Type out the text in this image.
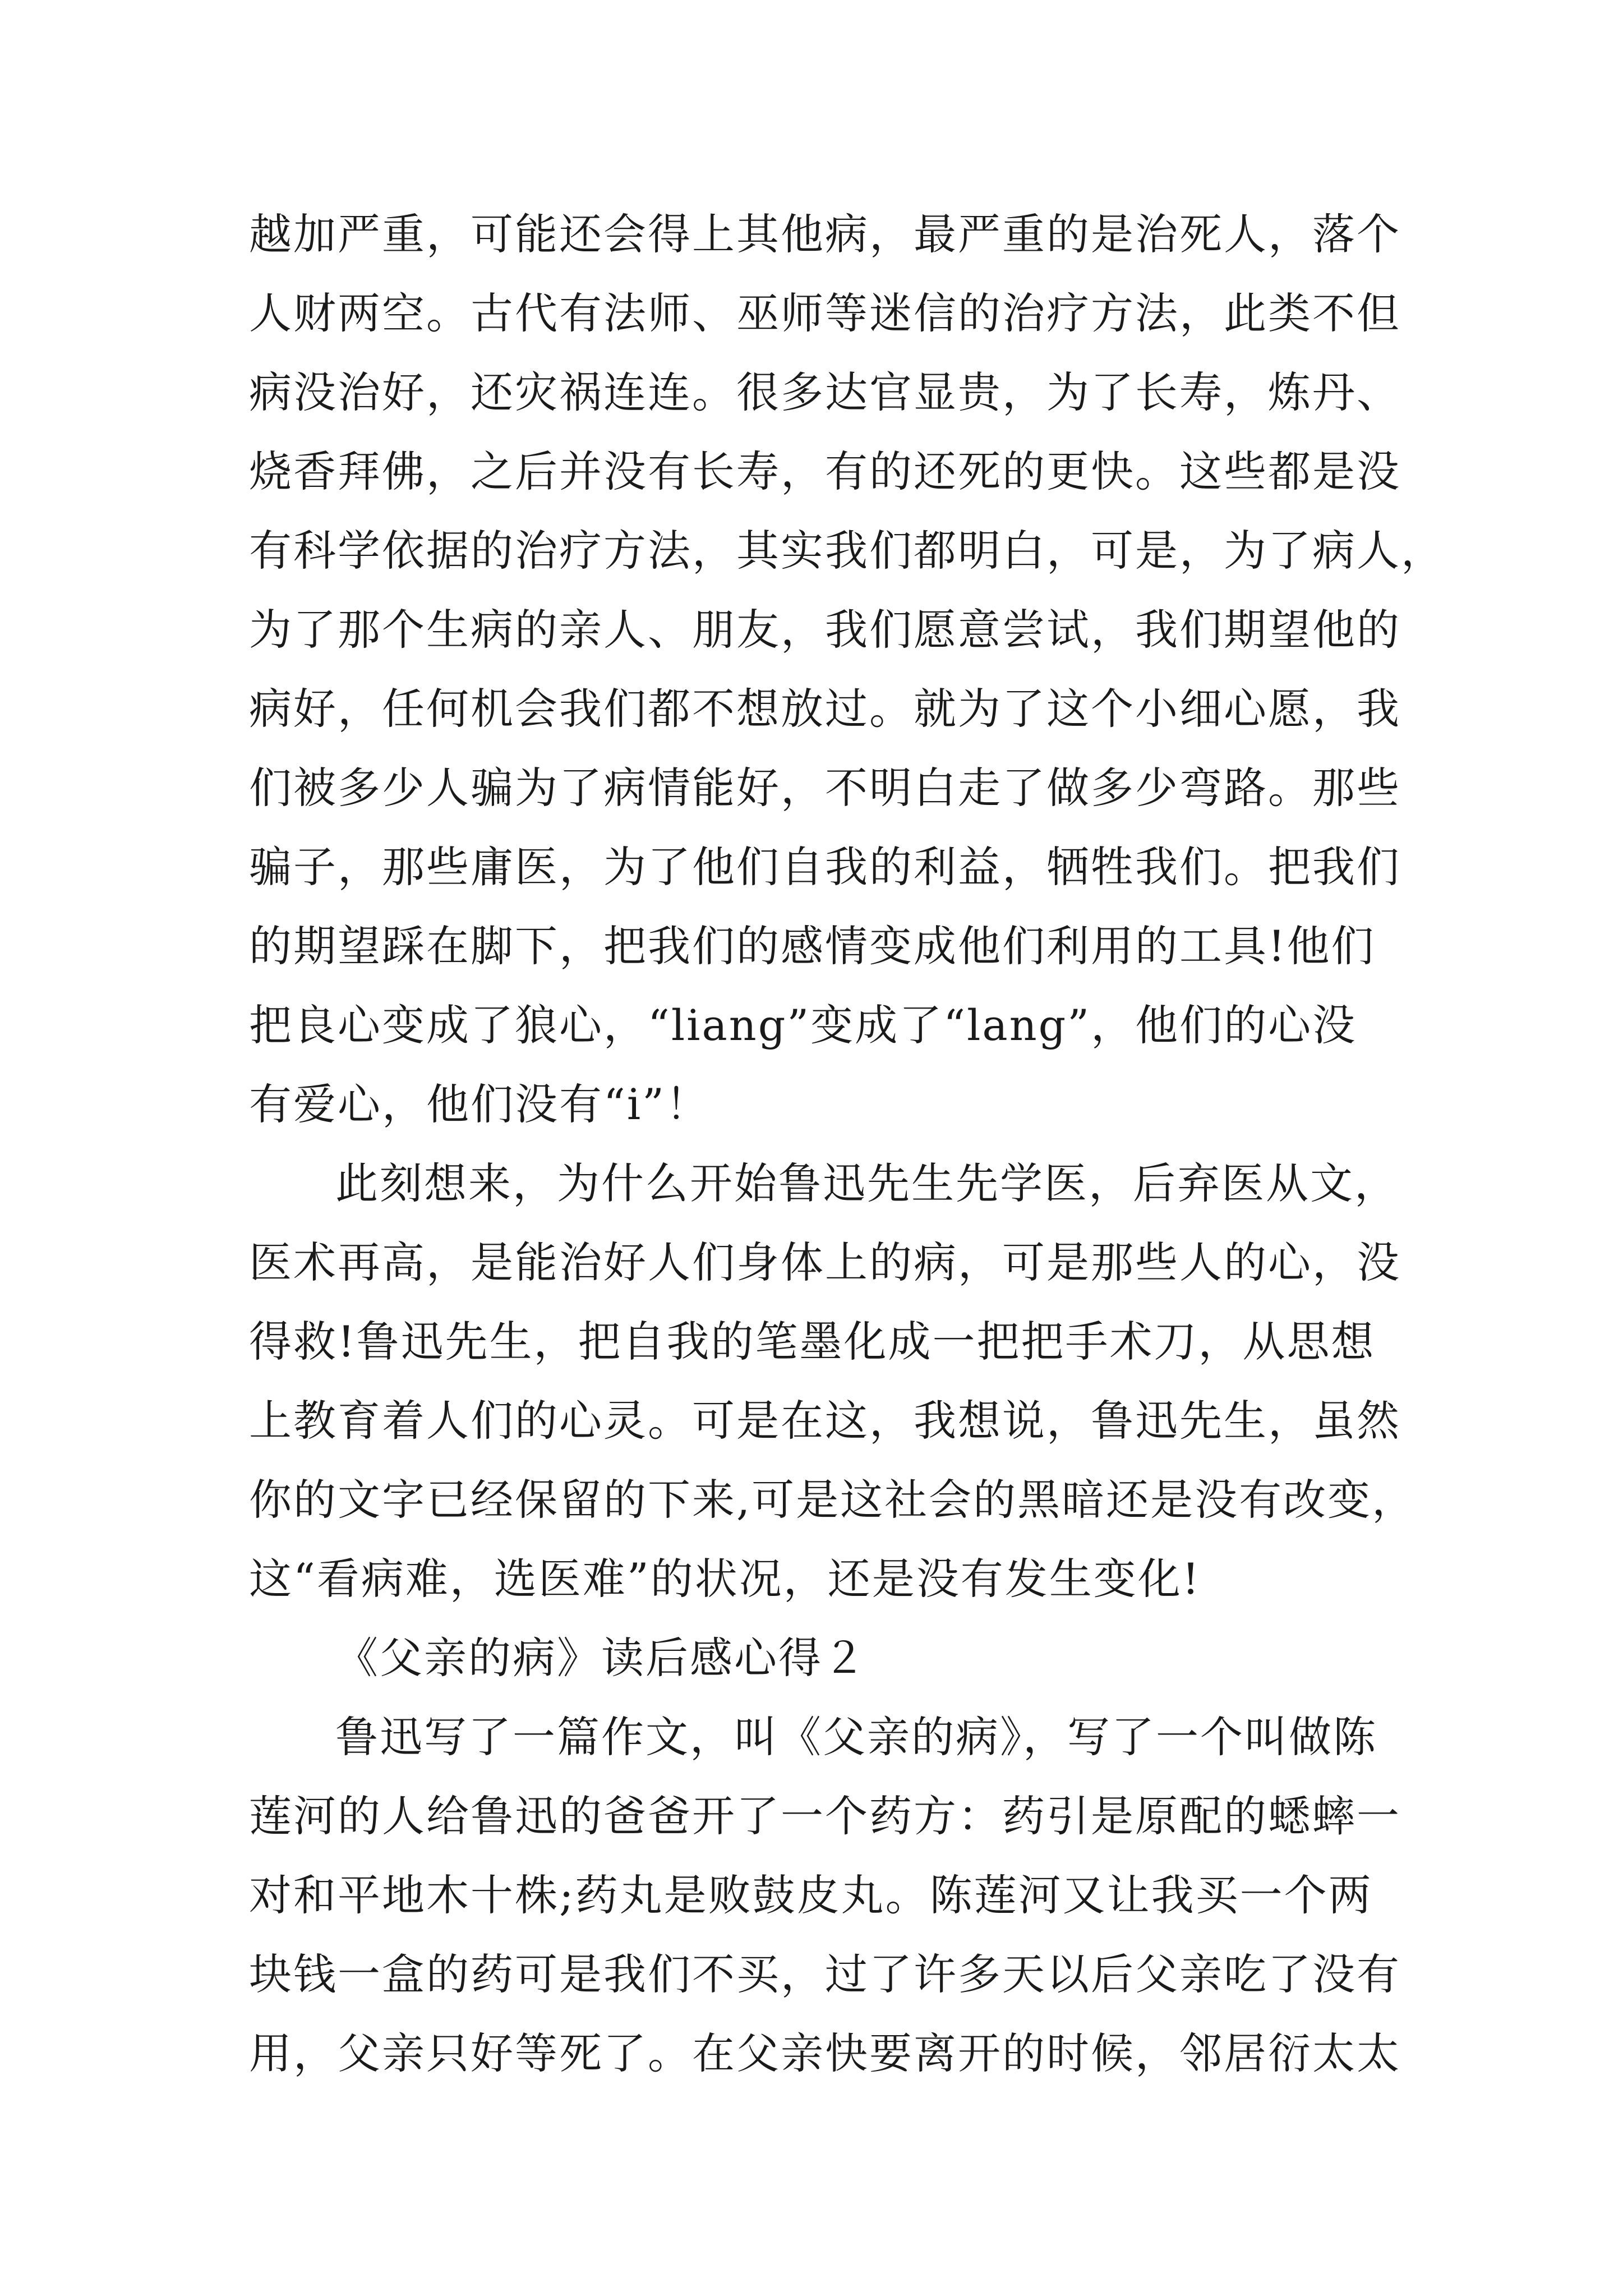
越加严重，可能还会得上其他病，最严重的是治死人，落个
人财两空。古代有法师、巫师等迷信的治疗方法，此类不但
病没治好，还灾祸连连。很多达官显贵，为了长寿，炼丹、
烧香拜佛，之后并没有长寿，有的还死的更快。这些都是没
有科学依据的治疗方法，其实我们都明白，可是，为了病人，
为了那个生病的亲人、朋友，我们愿意尝试，我们期望他的
病好，任何机会我们都不想放过。就为了这个小细心愿，我
们被多少人骗为了病情能好，不明白走了做多少弯路。那些
骗子，那些庸医，为了他们自我的利益，牺牲我们。把我们
的期望踩在脚下，把我们的感情变成他们利用的工具!他们
把良心变成了狼心，“liang”变成了“lang”，他们的心没
有爱心，他们没有“i”！
此刻想来，为什么开始鲁迅先生先学医，后弃医从文，
医术再高，是能治好人们身体上的病，可是那些人的心，没
得救!鲁迅先生，把自我的笔墨化成一把把手术刀，从思想
上教育着人们的心灵。可是在这，我想说，鲁迅先生，虽然
你的文字已经保留的下来,可是这社会的黑暗还是没有改变，
这“看病难，选医难”的状况，还是没有发生变化!
《父亲的病》读后感心得２
鲁迅写了一篇作文，叫《父亲的病》，写了一个叫做陈
莲河的人给鲁迅的爸爸开了一个药方：药引是原配的蟋蟀一
对和平地木十株;药丸是败鼓皮丸。陈莲河又让我买一个两
块钱一盒的药可是我们不买，过了许多天以后父亲吃了没有
用，父亲只好等死了。在父亲快要离开的时候，邻居衍太太
